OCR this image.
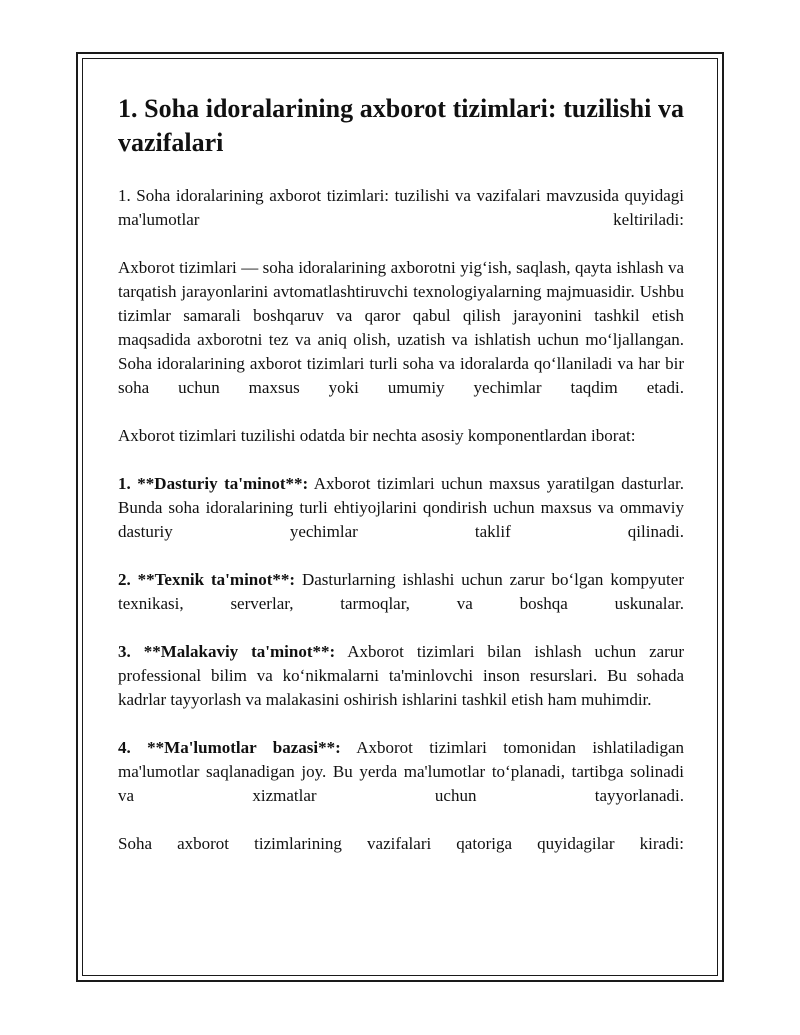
1. Soha idoralarining axborot tizimlari: tuzilishi va vazifalari

1. Soha idoralarining axborot tizimlari: tuzilishi va vazifalari mavzusida quyidagi ma'lumotlar keltiriladi:

Axborot tizimlari — soha idoralarining axborotni yig‘ish, saqlash, qayta ishlash va tarqatish jarayonlarini avtomatlashtiruvchi texnologiyalarning majmuasidir. Ushbu tizimlar samarali boshqaruv va qaror qabul qilish jarayonini tashkil etish maqsadida axborotni tez va aniq olish, uzatish va ishlatish uchun mo‘ljallangan. Soha idoralarining axborot tizimlari turli soha va idoralarda qo‘llaniladi va har bir soha uchun maxsus yoki umumiy yechimlar taqdim etadi.

Axborot tizimlari tuzilishi odatda bir nechta asosiy komponentlardan iborat:

1. **Dasturiy ta'minot**: Axborot tizimlari uchun maxsus yaratilgan dasturlar. Bunda soha idoralarining turli ehtiyojlarini qondirish uchun maxsus va ommaviy dasturiy yechimlar taklif qilinadi.

2. **Texnik ta'minot**: Dasturlarning ishlashi uchun zarur bo‘lgan kompyuter texnikasi, serverlar, tarmoqlar, va boshqa uskunalar.

3. **Malakaviy ta'minot**: Axborot tizimlari bilan ishlash uchun zarur professional bilim va ko‘nikmalarni ta'minlovchi inson resurslari. Bu sohada kadrlar tayyorlash va malakasini oshirish ishlarini tashkil etish ham muhimdir.

4. **Ma'lumotlar bazasi**: Axborot tizimlari tomonidan ishlatiladigan ma'lumotlar saqlanadigan joy. Bu yerda ma'lumotlar to‘planadi, tartibga solinadi va xizmatlar uchun tayyorlanadi.

Soha axborot tizimlarining vazifalari qatoriga quyidagilar kiradi:
